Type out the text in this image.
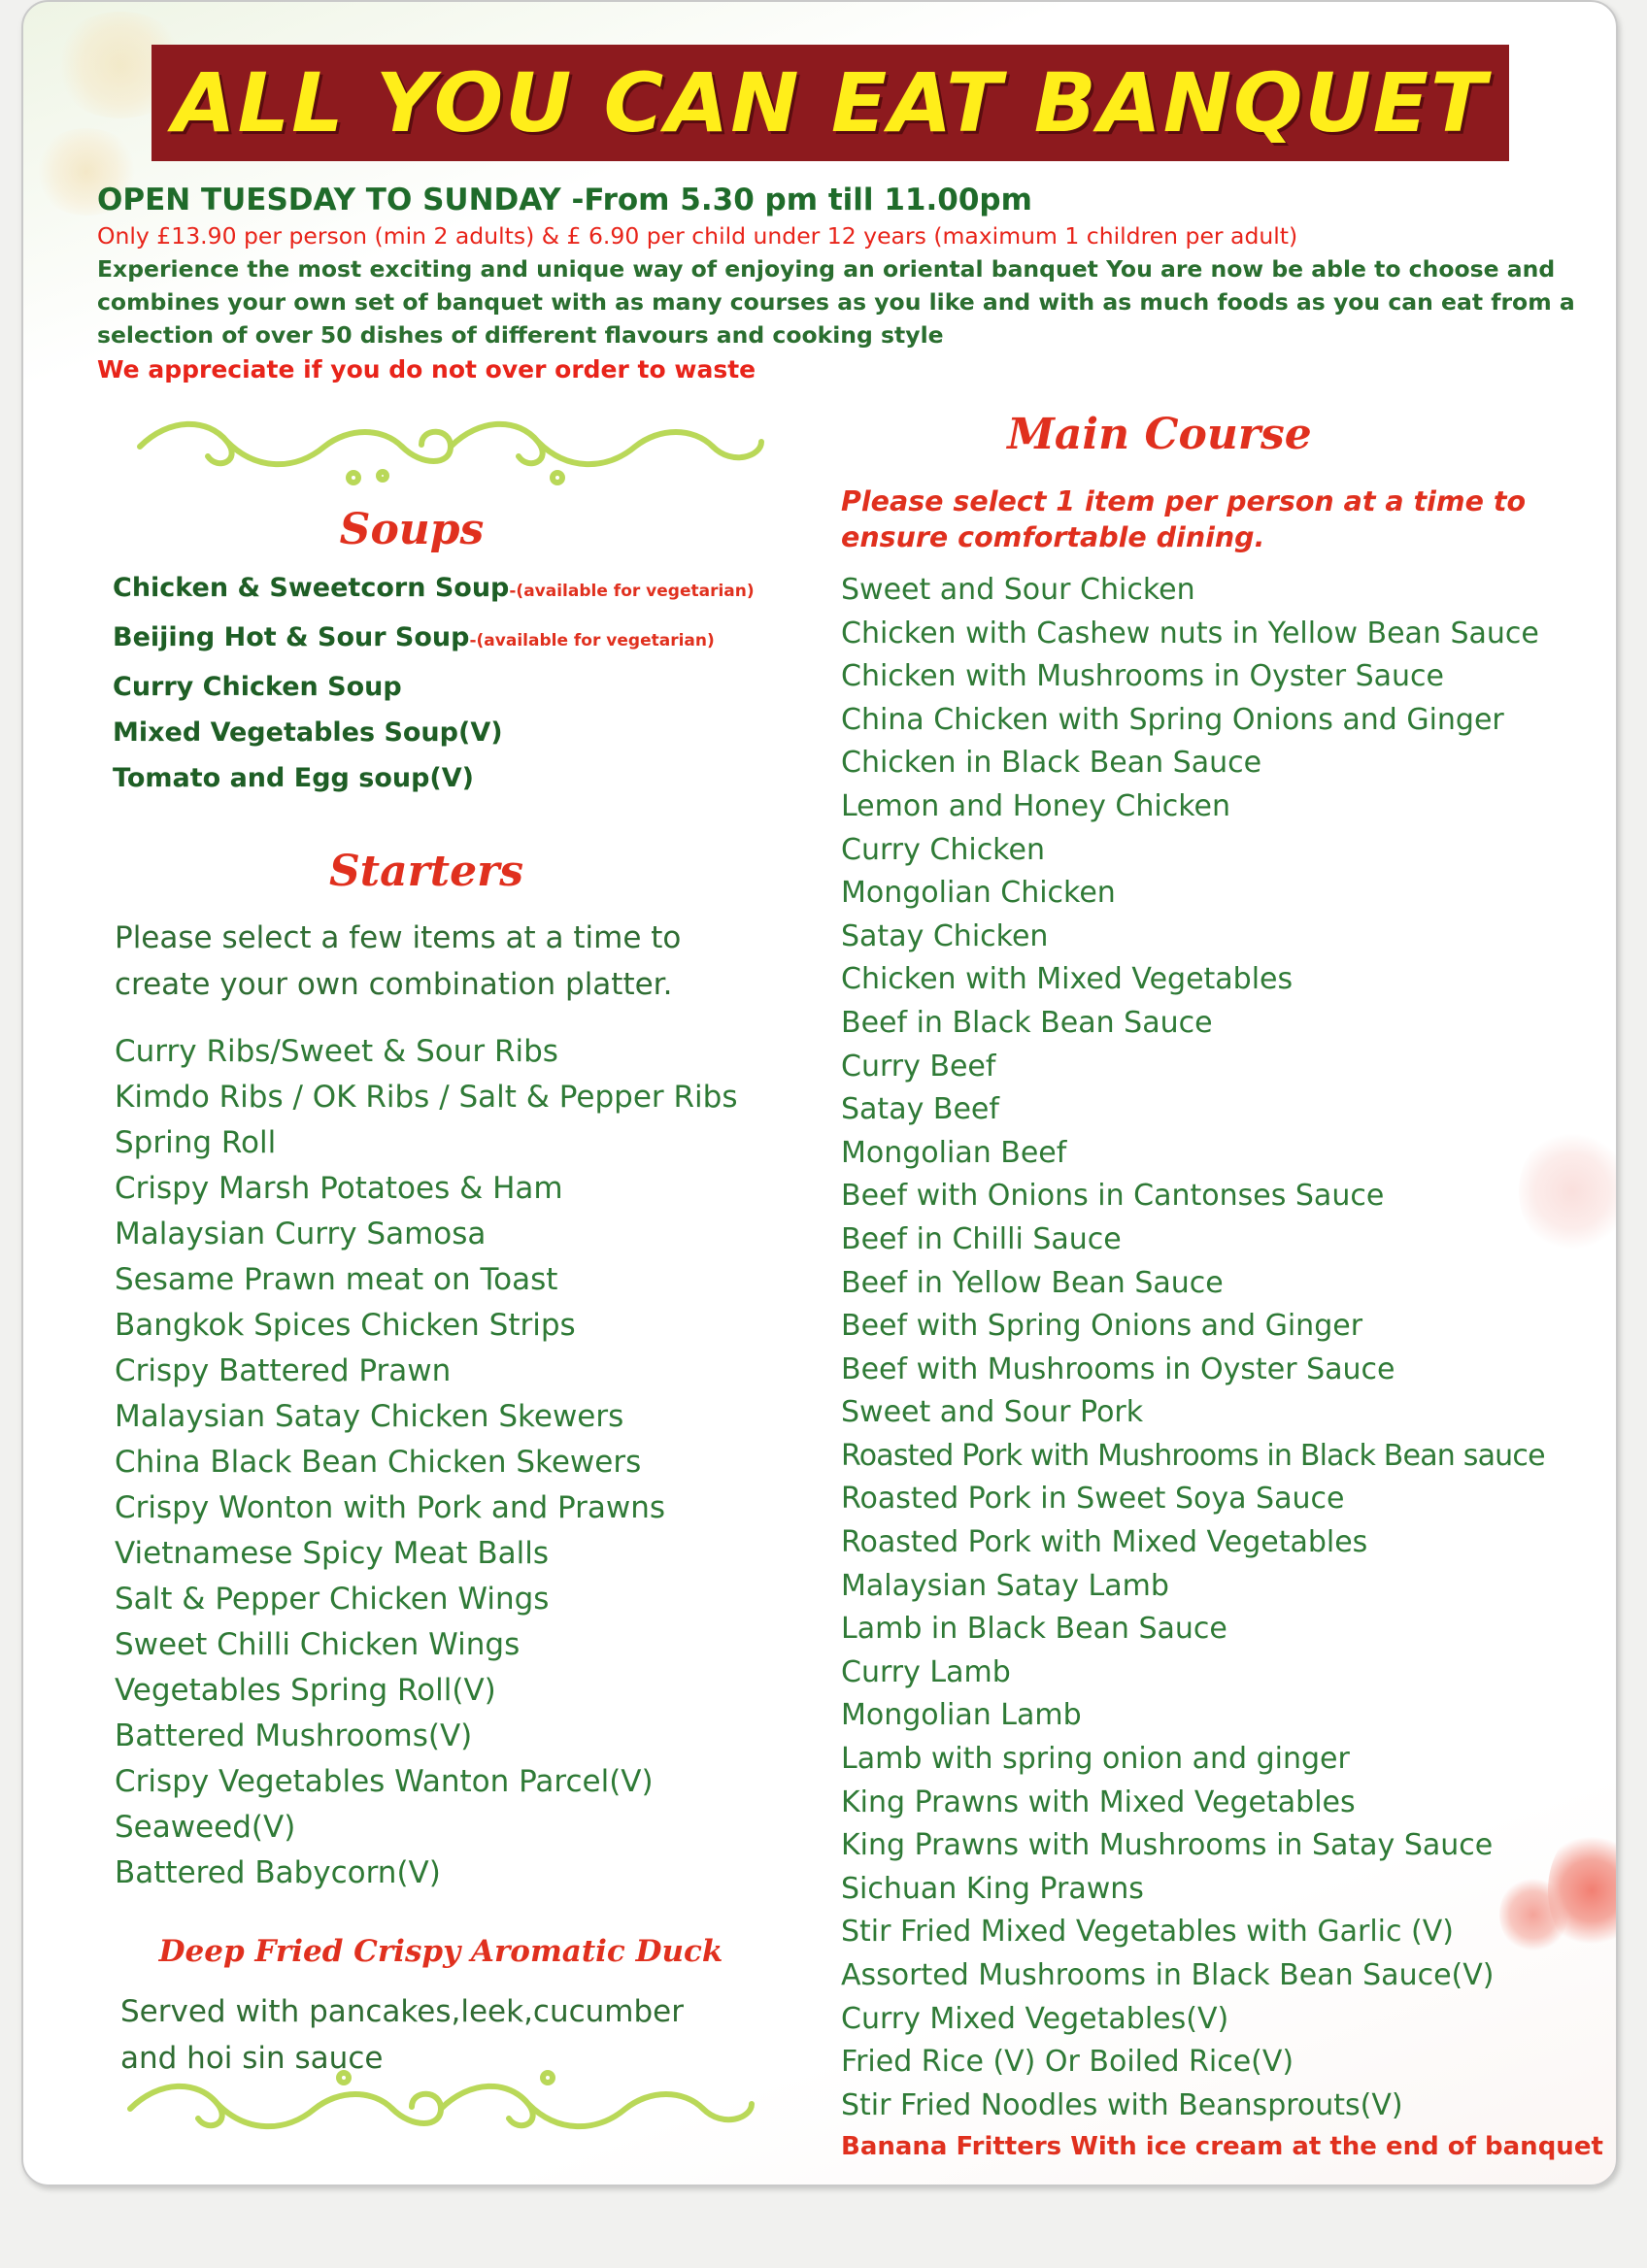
ALL YOU CAN EAT BANQUET
OPEN TUESDAY TO SUNDAY -From 5.30 pm till 11.00pm
Only £13.90 per person (min 2 adults) & £ 6.90 per child under 12 years (maximum 1 children per adult)
Experience the most exciting and unique way of enjoying an oriental banquet You are now be able to choose and
combines your own set of banquet with as many courses as you like and with as much foods as you can eat from a
selection of over 50 dishes of different flavours and cooking style
We appreciate if you do not over order to waste
Soups
Chicken & Sweetcorn Soup-(available for vegetarian)
Beijing Hot & Sour Soup-(available for vegetarian)
Curry Chicken Soup
Mixed Vegetables Soup(V)
Tomato and Egg soup(V)
Starters
Please select a few items at a time to
create your own combination platter.
Curry Ribs/Sweet & Sour Ribs
Kimdo Ribs / OK Ribs / Salt & Pepper Ribs
Spring Roll
Crispy Marsh Potatoes & Ham
Malaysian Curry Samosa
Sesame Prawn meat on Toast
Bangkok Spices Chicken Strips
Crispy Battered Prawn
Malaysian Satay Chicken Skewers
China Black Bean Chicken Skewers
Crispy Wonton with Pork and Prawns
Vietnamese Spicy Meat Balls
Salt & Pepper Chicken Wings
Sweet Chilli Chicken Wings
Vegetables Spring Roll(V)
Battered Mushrooms(V)
Crispy Vegetables Wanton Parcel(V)
Seaweed(V)
Battered Babycorn(V)
Deep Fried Crispy Aromatic Duck
Served with pancakes,leek,cucumber
and hoi sin sauce
Main Course
Please select 1 item per person at a time to
ensure comfortable dining.
Sweet and Sour Chicken
Chicken with Cashew nuts in Yellow Bean Sauce
Chicken with Mushrooms in Oyster Sauce
China Chicken with Spring Onions and Ginger
Chicken in Black Bean Sauce
Lemon and Honey Chicken
Curry Chicken
Mongolian Chicken
Satay Chicken
Chicken with Mixed Vegetables
Beef in Black Bean Sauce
Curry Beef
Satay Beef
Mongolian Beef
Beef with Onions in Cantonses Sauce
Beef in Chilli Sauce
Beef in Yellow Bean Sauce
Beef with Spring Onions and Ginger
Beef with Mushrooms in Oyster Sauce
Sweet and Sour Pork
Roasted Pork with Mushrooms in Black Bean sauce
Roasted Pork in Sweet Soya Sauce
Roasted Pork with Mixed Vegetables
Malaysian Satay Lamb
Lamb in Black Bean Sauce
Curry Lamb
Mongolian Lamb
Lamb with spring onion and ginger
King Prawns with Mixed Vegetables
King Prawns with Mushrooms in Satay Sauce
Sichuan King Prawns
Stir Fried Mixed Vegetables with Garlic (V)
Assorted Mushrooms in Black Bean Sauce(V)
Curry Mixed Vegetables(V)
Fried Rice (V) Or Boiled Rice(V)
Stir Fried Noodles with Beansprouts(V)
Banana Fritters With ice cream at the end of banquet
